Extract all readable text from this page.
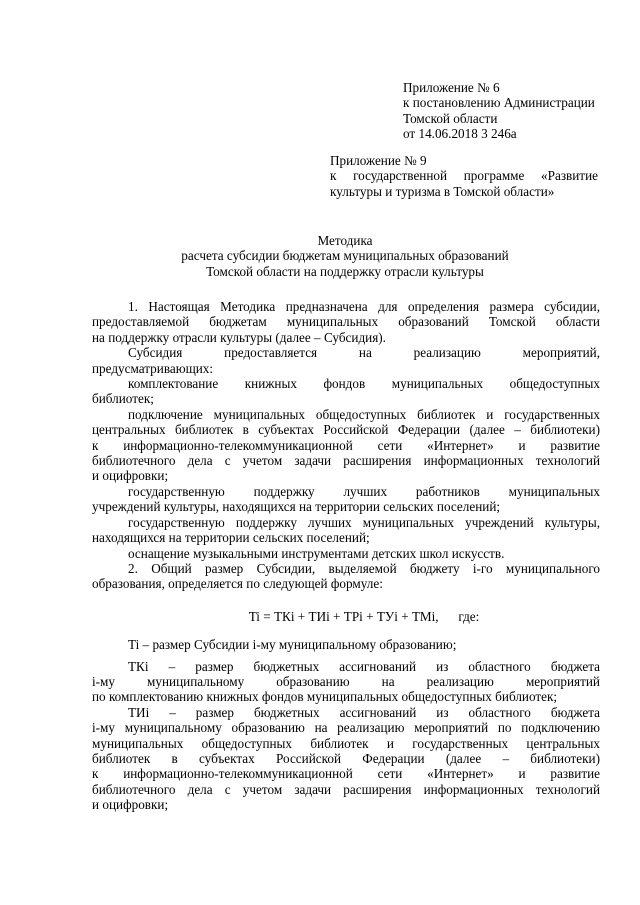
Приложение № 6
к постановлению Администрации
Томской области
от 14.06.2018 3 246а
Приложение № 9
к государственной программе «Развитие
культуры и туризма в Томской области»
Методика
расчета субсидии бюджетам муниципальных образований
Томской области на поддержку отрасли культуры
1. Настоящая Методика предназначена для определения размера субсидии,
предоставляемой бюджетам муниципальных образований Томской области
на поддержку отрасли культуры (далее – Субсидия).
Субсидия предоставляется на реализацию мероприятий,
предусматривающих:
комплектование книжных фондов муниципальных общедоступных
библиотек;
подключение муниципальных общедоступных библиотек и государственных
центральных библиотек в субъектах Российской Федерации (далее – библиотеки)
к информационно-телекоммуникационной сети «Интернет» и развитие
библиотечного дела с учетом задачи расширения информационных технологий
и оцифровки;
государственную поддержку лучших работников муниципальных
учреждений культуры, находящихся на территории сельских поселений;
государственную поддержку лучших муниципальных учреждений культуры,
находящихся на территории сельских поселений;
оснащение музыкальными инструментами детских школ искусств.
2. Общий размер Субсидии, выделяемой бюджету i-го муниципального
образования, определяется по следующей формуле:
Ti = ТКi + ТИi + ТРi + ТУi + ТМi,      где:
Ti – размер Субсидии i-му муниципальному образованию;
ТКi – размер бюджетных ассигнований из областного бюджета
i-му муниципальному образованию на реализацию мероприятий
по комплектованию книжных фондов муниципальных общедоступных библиотек;
ТИi – размер бюджетных ассигнований из областного бюджета
i-му муниципальному образованию на реализацию мероприятий по подключению
муниципальных общедоступных библиотек и государственных центральных
библиотек в субъектах Российской Федерации (далее – библиотеки)
к информационно-телекоммуникационной сети «Интернет» и развитие
библиотечного дела с учетом задачи расширения информационных технологий
и оцифровки;
